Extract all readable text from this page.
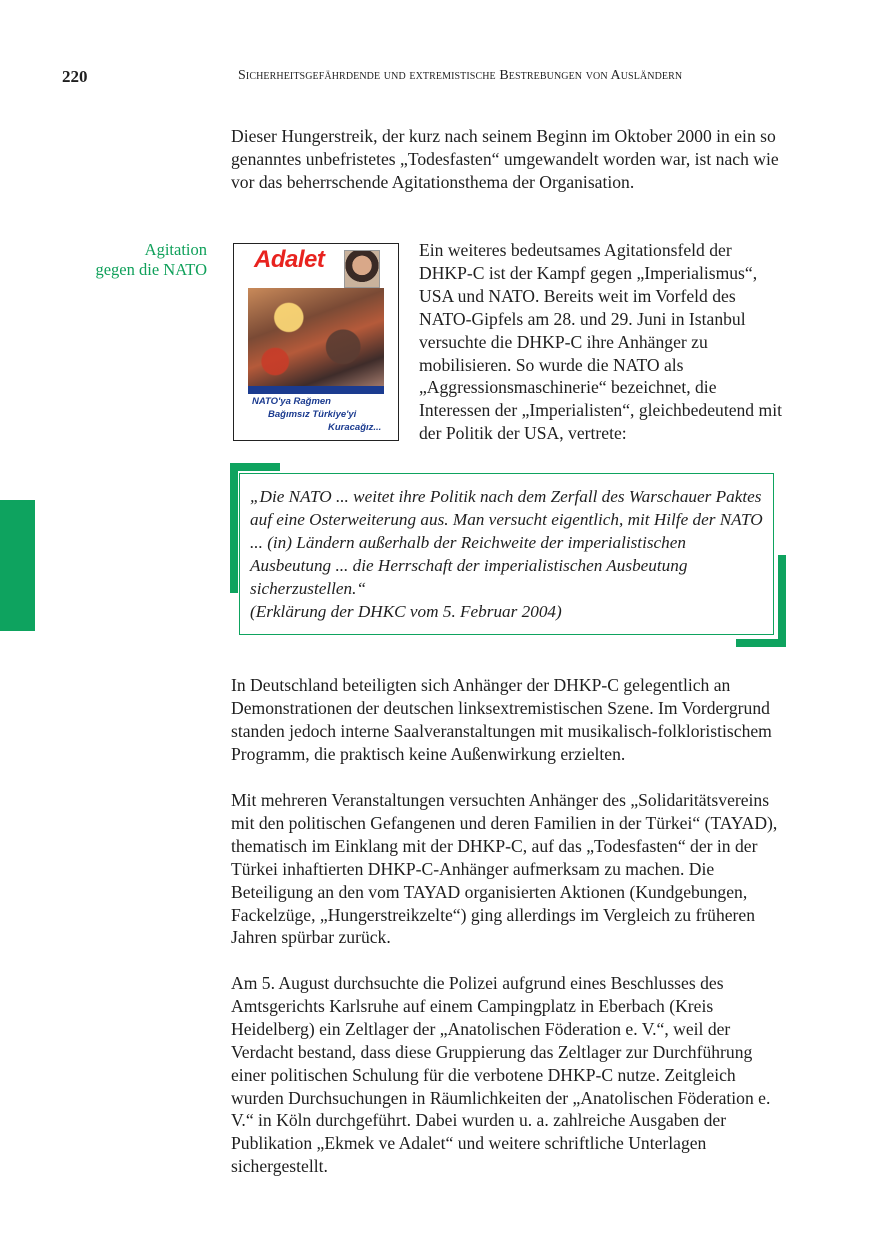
220	Sicherheitsgefährdende und extremistische Bestrebungen von Ausländern

Dieser Hungerstreik, der kurz nach seinem Beginn im Oktober 2000 in ein so genanntes unbefristetes „Todesfasten“ umgewandelt worden war, ist nach wie vor das beherrschende Agitationsthema der Organisation.

Agitation
gegen die NATO Adalet
NATO'ya Rağmen
Bağımsız Türkiye'yi
Kuracağız...

Ein weiteres bedeutsames Agitationsfeld der DHKP-C ist der Kampf gegen „Imperialismus“, USA und NATO. Bereits weit im Vorfeld des NATO-Gipfels am 28. und 29. Juni in Istanbul versuchte die DHKP-C ihre Anhänger zu mobilisieren. So wurde die NATO als „Aggressionsmaschinerie“ bezeichnet, die Interessen der „Imperialisten“, gleichbedeutend mit der Politik der USA, vertrete:

„Die NATO ... weitet ihre Politik nach dem Zerfall des Warschauer Paktes auf eine Osterweiterung aus. Man versucht eigentlich, mit Hilfe der NATO ... (in) Ländern außerhalb der Reichweite der imperialistischen Ausbeutung ... die Herrschaft der imperialistischen Ausbeutung sicherzustellen.“

(Erklärung der DHKC vom 5. Februar 2004)

In Deutschland beteiligten sich Anhänger der DHKP-C gelegentlich an Demonstrationen der deutschen linksextremistischen Szene. Im Vordergrund standen jedoch interne Saalveranstaltungen mit musikalisch-folkloristischem Programm, die praktisch keine Außenwirkung erzielten.

Mit mehreren Veranstaltungen versuchten Anhänger des „Solidaritätsvereins mit den politischen Gefangenen und deren Familien in der Türkei“ (TAYAD), thematisch im Einklang mit der DHKP-C, auf das „Todesfasten“ der in der Türkei inhaftierten DHKP-C-Anhänger aufmerksam zu machen. Die Beteiligung an den vom TAYAD organisierten Aktionen (Kundgebungen, Fackelzüge, „Hungerstreikzelte“) ging allerdings im Vergleich zu früheren Jahren spürbar zurück.

Am 5. August durchsuchte die Polizei aufgrund eines Beschlusses des Amtsgerichts Karlsruhe auf einem Campingplatz in Eberbach (Kreis Heidelberg) ein Zeltlager der „Anatolischen Föderation e. V.“, weil der Verdacht bestand, dass diese Gruppierung das Zeltlager zur Durchführung einer politischen Schulung für die verbotene DHKP-C nutze. Zeitgleich wurden Durchsuchungen in Räumlichkeiten der „Anatolischen Föderation e. V.“ in Köln durchgeführt. Dabei wurden u. a. zahlreiche Ausgaben der Publikation „Ekmek ve Adalet“ und weitere schriftliche Unterlagen sichergestellt.
